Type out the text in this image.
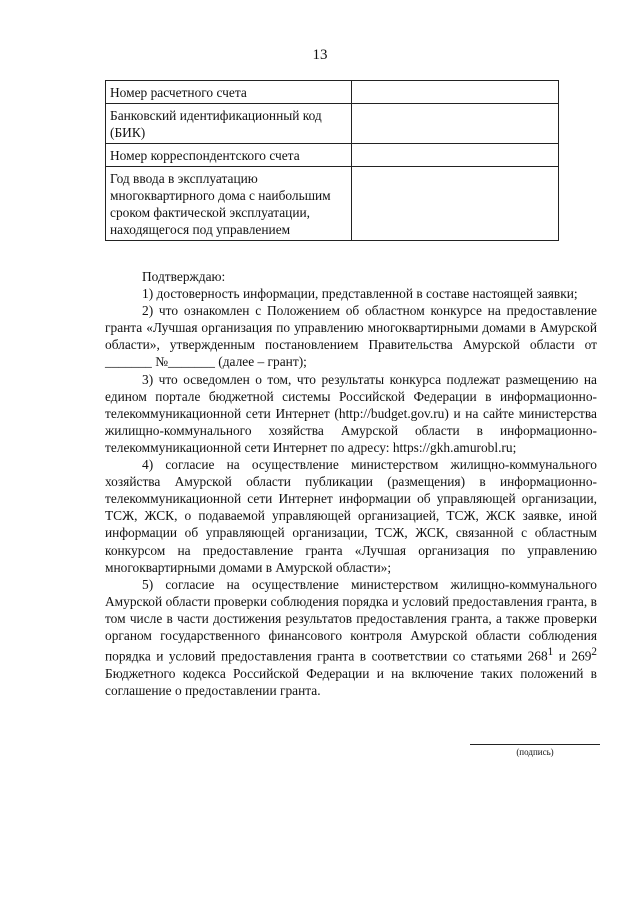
13
Номер расчетного счета	
Банковский идентификационный код (БИК)	
Номер корреспондентского счета	
Год ввода в эксплуатацию многоквартирного дома с наибольшим сроком фактической эксплуатации, находящегося под управлением	

Подтверждаю:

1) достоверность информации, представленной в составе настоящей заявки;

2) что ознакомлен с Положением об областном конкурсе на предоставление гранта «Лучшая организация по управлению многоквартирными домами в Амурской области», утвержденным постановлением Правительства Амурской области от _______ №_______ (далее – грант);

3) что осведомлен о том, что результаты конкурса подлежат размещению на едином портале бюджетной системы Российской Федерации в информационно-телекоммуникационной сети Интернет (http://budget.gov.ru) и на сайте министерства жилищно-коммунального хозяйства Амурской области в информационно-телекоммуникационной сети Интернет по адресу: https://gkh.amurobl.ru;

4) согласие на осуществление министерством жилищно-коммунального хозяйства Амурской области публикации (размещения) в информационно-телекоммуникационной сети Интернет информации об управляющей организации, ТСЖ, ЖСК, о подаваемой управляющей организацией, ТСЖ, ЖСК заявке, иной информации об управляющей организации, ТСЖ, ЖСК, связанной с областным конкурсом на предоставление гранта «Лучшая организация по управлению многоквартирными домами в Амурской области»;

5) согласие на осуществление министерством жилищно-коммунального Амурской области проверки соблюдения порядка и условий предоставления гранта, в том числе в части достижения результатов предоставления гранта, а также проверки органом государственного финансового контроля Амурской области соблюдения порядка и условий предоставления гранта в соответствии со статьями $268^1$ и $269^2$ Бюджетного кодекса Российской Федерации и на включение таких положений в соглашение о предоставлении гранта.

(подпись)
